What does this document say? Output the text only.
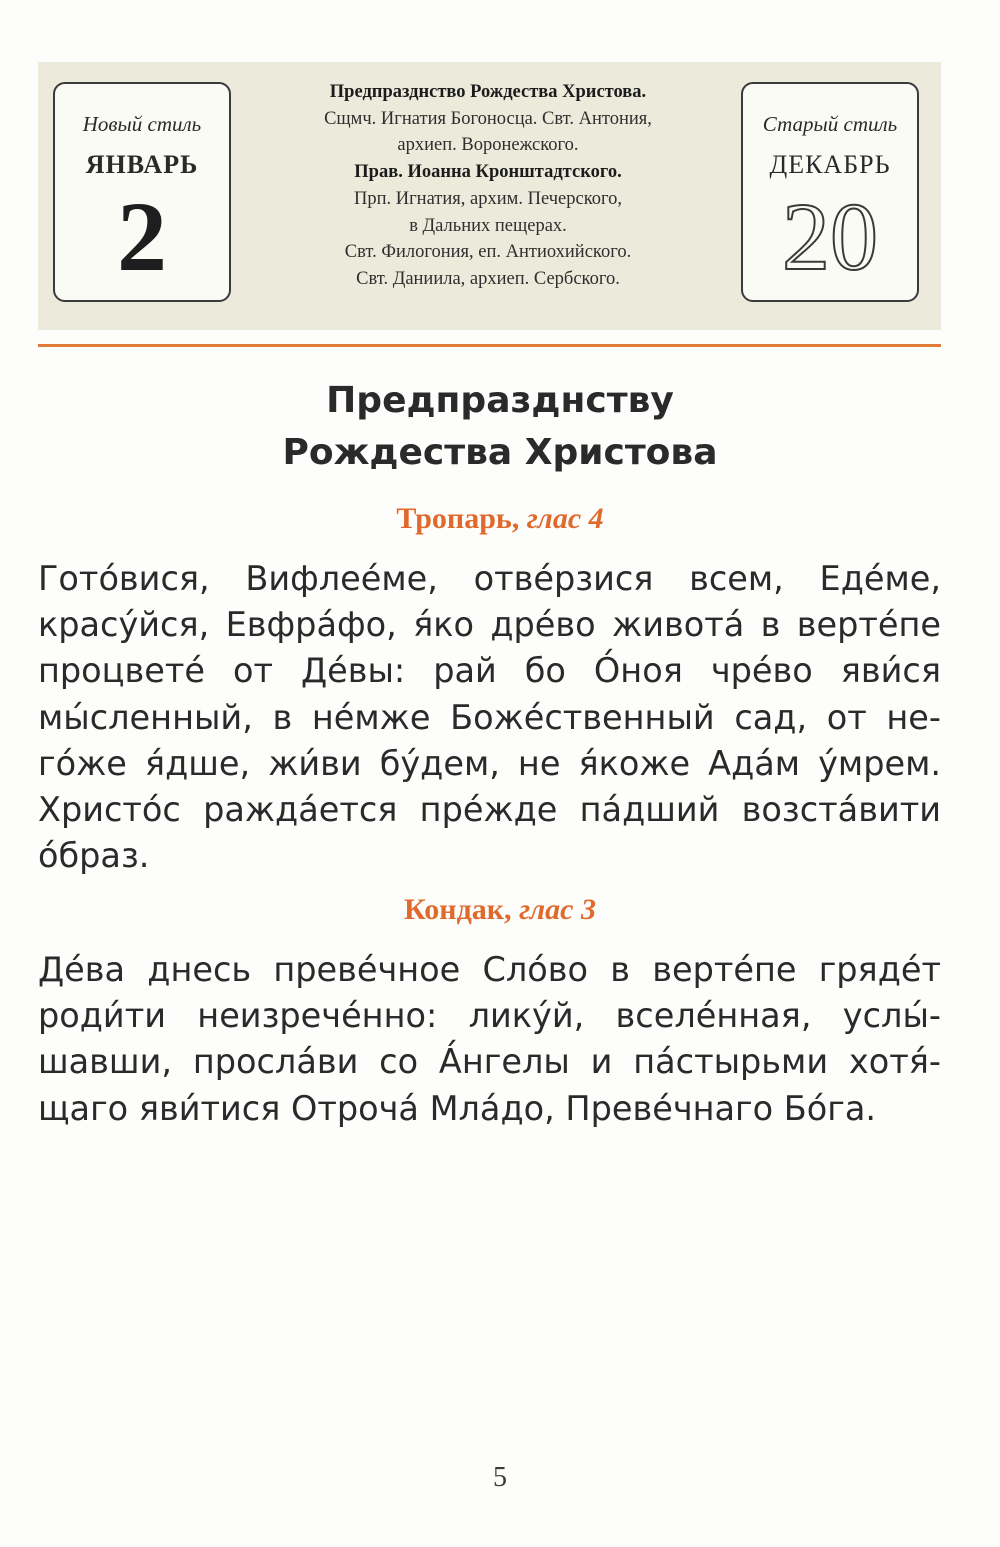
Новый стиль
ЯНВАРЬ
2
Предпразднство Рождества Христова.
Сщмч. Игнатия Богоносца. Свт. Антония,
архиеп. Воронежского.
Прав. Иоанна Кронштадтского.
Прп. Игнатия, архим. Печерского,
в Дальних пещерах.
Свт. Филогония, еп. Антиохийского.
Свт. Даниила, архиеп. Сербского.
Старый стиль
ДЕКАБРЬ
20
Предпразднству
Рождества Христова
Тропарь, глас 4
Гото́вися, Вифлее́ме, отве́рзися всем, Еде́ме,
красу́йся, Евфра́фо, я́ко дре́во живота́ в верте́пе
процвете́ от Де́вы: рай бо О́ноя чре́во яви́ся
мы́сленный, в не́мже Боже́ственный сад, от не-
го́же я́дше, жи́ви бу́дем, не я́коже Ада́м у́мрем.
Христо́с ражда́ется пре́жде па́дший возста́вити
о́браз.
Кондак, глас 3
Де́ва днесь преве́чное Сло́во в верте́пе гряде́т
роди́ти неизрече́нно: лику́й, вселе́нная, услы́-
шавши, просла́ви со А́нгелы и па́стырьми хотя́-
щаго яви́тися Отроча́ Мла́до, Преве́чнаго Бо́га.
5
